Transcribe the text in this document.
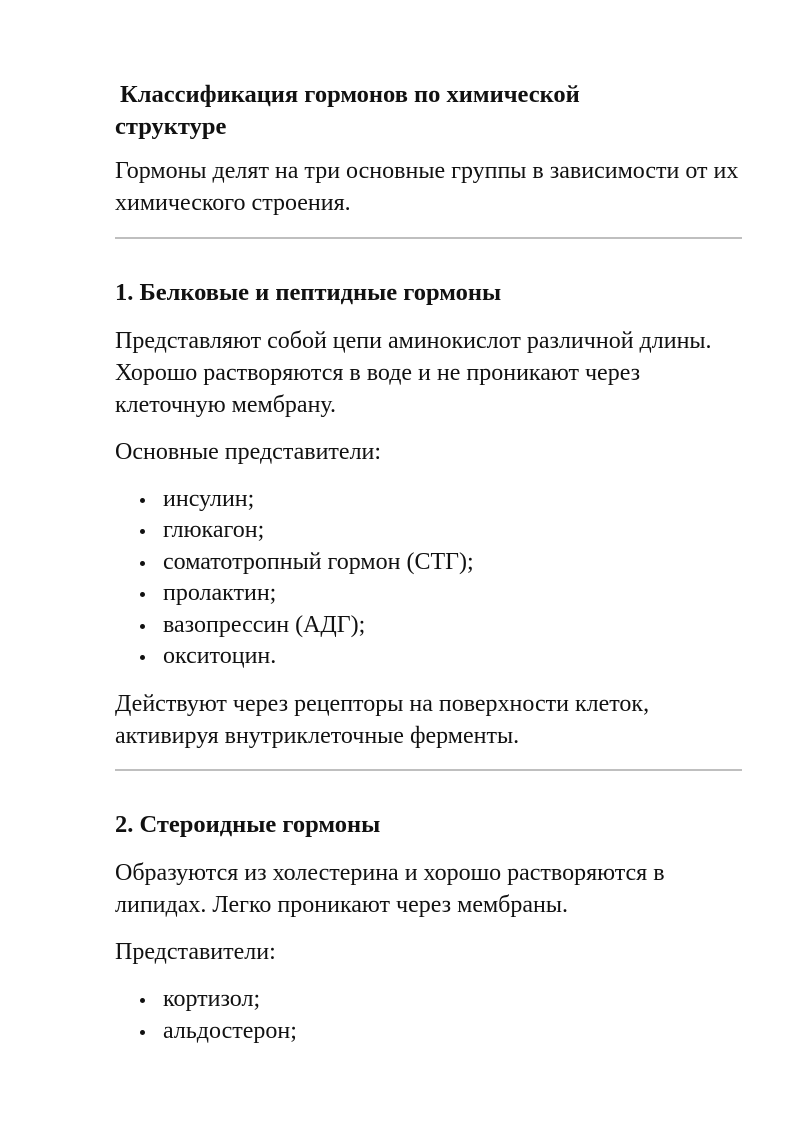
Классификация гормонов по химической
структуре

Гормоны делят на три основные группы в зависимости от их химического строения.

1. Белковые и пептидные гормоны

Представляют собой цепи аминокислот различной длины. Хорошо растворяются в воде и не проникают через клеточную мембрану.

Основные представители:

инсулин;
глюкагон;
соматотропный гормон (СТГ);
пролактин;
вазопрессин (АДГ);
окситоцин.

Действуют через рецепторы на поверхности клеток, активируя внутриклеточные ферменты.

2. Стероидные гормоны

Образуются из холестерина и хорошо растворяются в липидах. Легко проникают через мембраны.

Представители:

кортизол;
альдостерон;
